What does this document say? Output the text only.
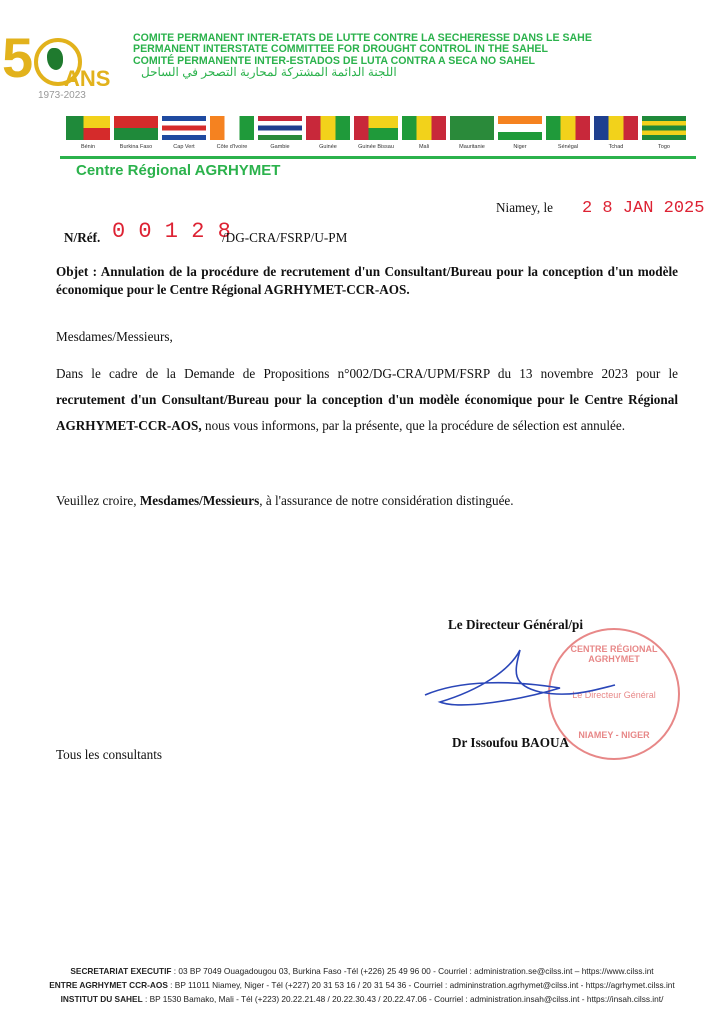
5 ANS
1973-2023
COMITE PERMANENT INTER-ETATS DE LUTTE CONTRE LA SECHERESSE DANS LE SAHE
PERMANENT INTERSTATE COMMITTEE FOR DROUGHT CONTROL IN THE SAHEL
COMITÉ PERMANENTE INTER-ESTADOS DE LUTA CONTRA A SECA NO SAHEL
اللجنة الدائمة المشتركة لمحاربة التصحر في الساحل
Bénin	Burkina Faso	Cap Vert	Côte d'Ivoire	Gambie	Guinée	Guinée Bissau	Mali	Mauritanie	Niger	Sénégal	Tchad	Togo
Centre Régional AGRHYMET
Niamey, le 2 8 JAN 2025
N/Réf. 0 0 1 2 8
/DG-CRA/FSRP/U-PM
Objet : Annulation de la procédure de recrutement d'un Consultant/Bureau pour la conception d'un modèle économique pour le Centre Régional AGRHYMET-CCR-AOS.
Mesdames/Messieurs,
Dans le cadre de la Demande de Propositions n°002/DG-CRA/UPM/FSRP du 13 novembre 2023 pour le recrutement d'un Consultant/Bureau pour la conception d'un modèle économique pour le Centre Régional AGRHYMET-CCR-AOS, nous vous informons, par la présente, que la procédure de sélection est annulée.
Veuillez croire, Mesdames/Messieurs, à l'assurance de notre considération distinguée.
Le Directeur Général/pi
CENTRE RÉGIONAL AGRHYMET
Le Directeur Général
NIAMEY - NIGER
Dr Issoufou BAOUA
Tous les consultants
SECRETARIAT EXECUTIF : 03 BP 7049 Ouagadougou 03, Burkina Faso -Tél (+226) 25 49 96 00 - Courriel : administration.se@cilss.int – https://www.cilss.int
ENTRE AGRHYMET CCR-AOS : BP 11011 Niamey, Niger - Tél (+227) 20 31 53 16 / 20 31 54 36 - Courriel : admininstration.agrhymet@cilss.int - https://agrhymet.cilss.int
INSTITUT DU SAHEL : BP 1530 Bamako, Mali - Tél (+223) 20.22.21.48 / 20.22.30.43 / 20.22.47.06 - Courriel : administration.insah@cilss.int - https://insah.cilss.int/
